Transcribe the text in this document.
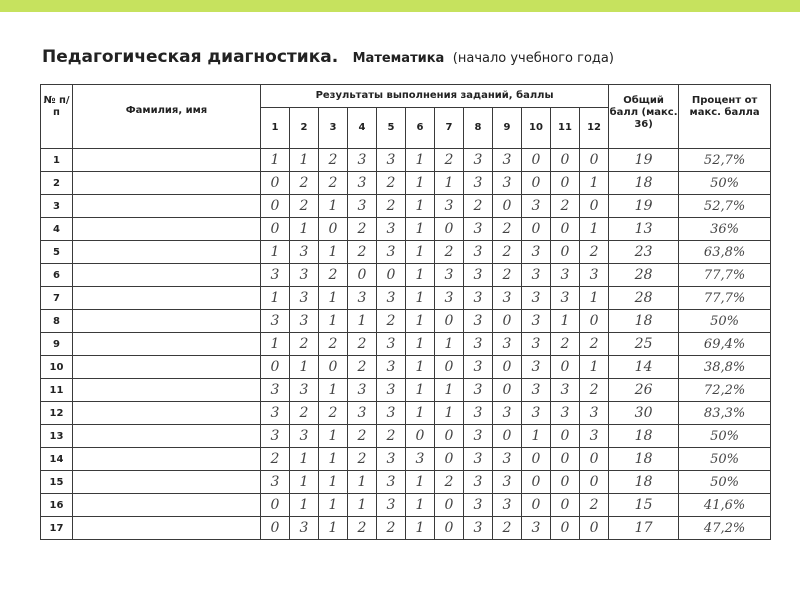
Педагогическая диагностика. Математика (начало учебного года)
№ п/п	Фамилия, имя	Результаты выполнения заданий, баллы												Общий балл (макс. 36)	Процент от макс. балла
		1	2	3	4	5	6	7	8	9	10	11	12		
1		1	1	2	3	3	1	2	3	3	0	0	0	19	52,7%
2		0	2	2	3	2	1	1	3	3	0	0	1	18	50%
3		0	2	1	3	2	1	3	2	0	3	2	0	19	52,7%
4		0	1	0	2	3	1	0	3	2	0	0	1	13	36%
5		1	3	1	2	3	1	2	3	2	3	0	2	23	63,8%
6		3	3	2	0	0	1	3	3	2	3	3	3	28	77,7%
7		1	3	1	3	3	1	3	3	3	3	3	1	28	77,7%
8		3	3	1	1	2	1	0	3	0	3	1	0	18	50%
9		1	2	2	2	3	1	1	3	3	3	2	2	25	69,4%
10		0	1	0	2	3	1	0	3	0	3	0	1	14	38,8%
11		3	3	1	3	3	1	1	3	0	3	3	2	26	72,2%
12		3	2	2	3	3	1	1	3	3	3	3	3	30	83,3%
13		3	3	1	2	2	0	0	3	0	1	0	3	18	50%
14		2	1	1	2	3	3	0	3	3	0	0	0	18	50%
15		3	1	1	1	3	1	2	3	3	0	0	0	18	50%
16		0	1	1	1	3	1	0	3	3	0	0	2	15	41,6%
17		0	3	1	2	2	1	0	3	2	3	0	0	17	47,2%
